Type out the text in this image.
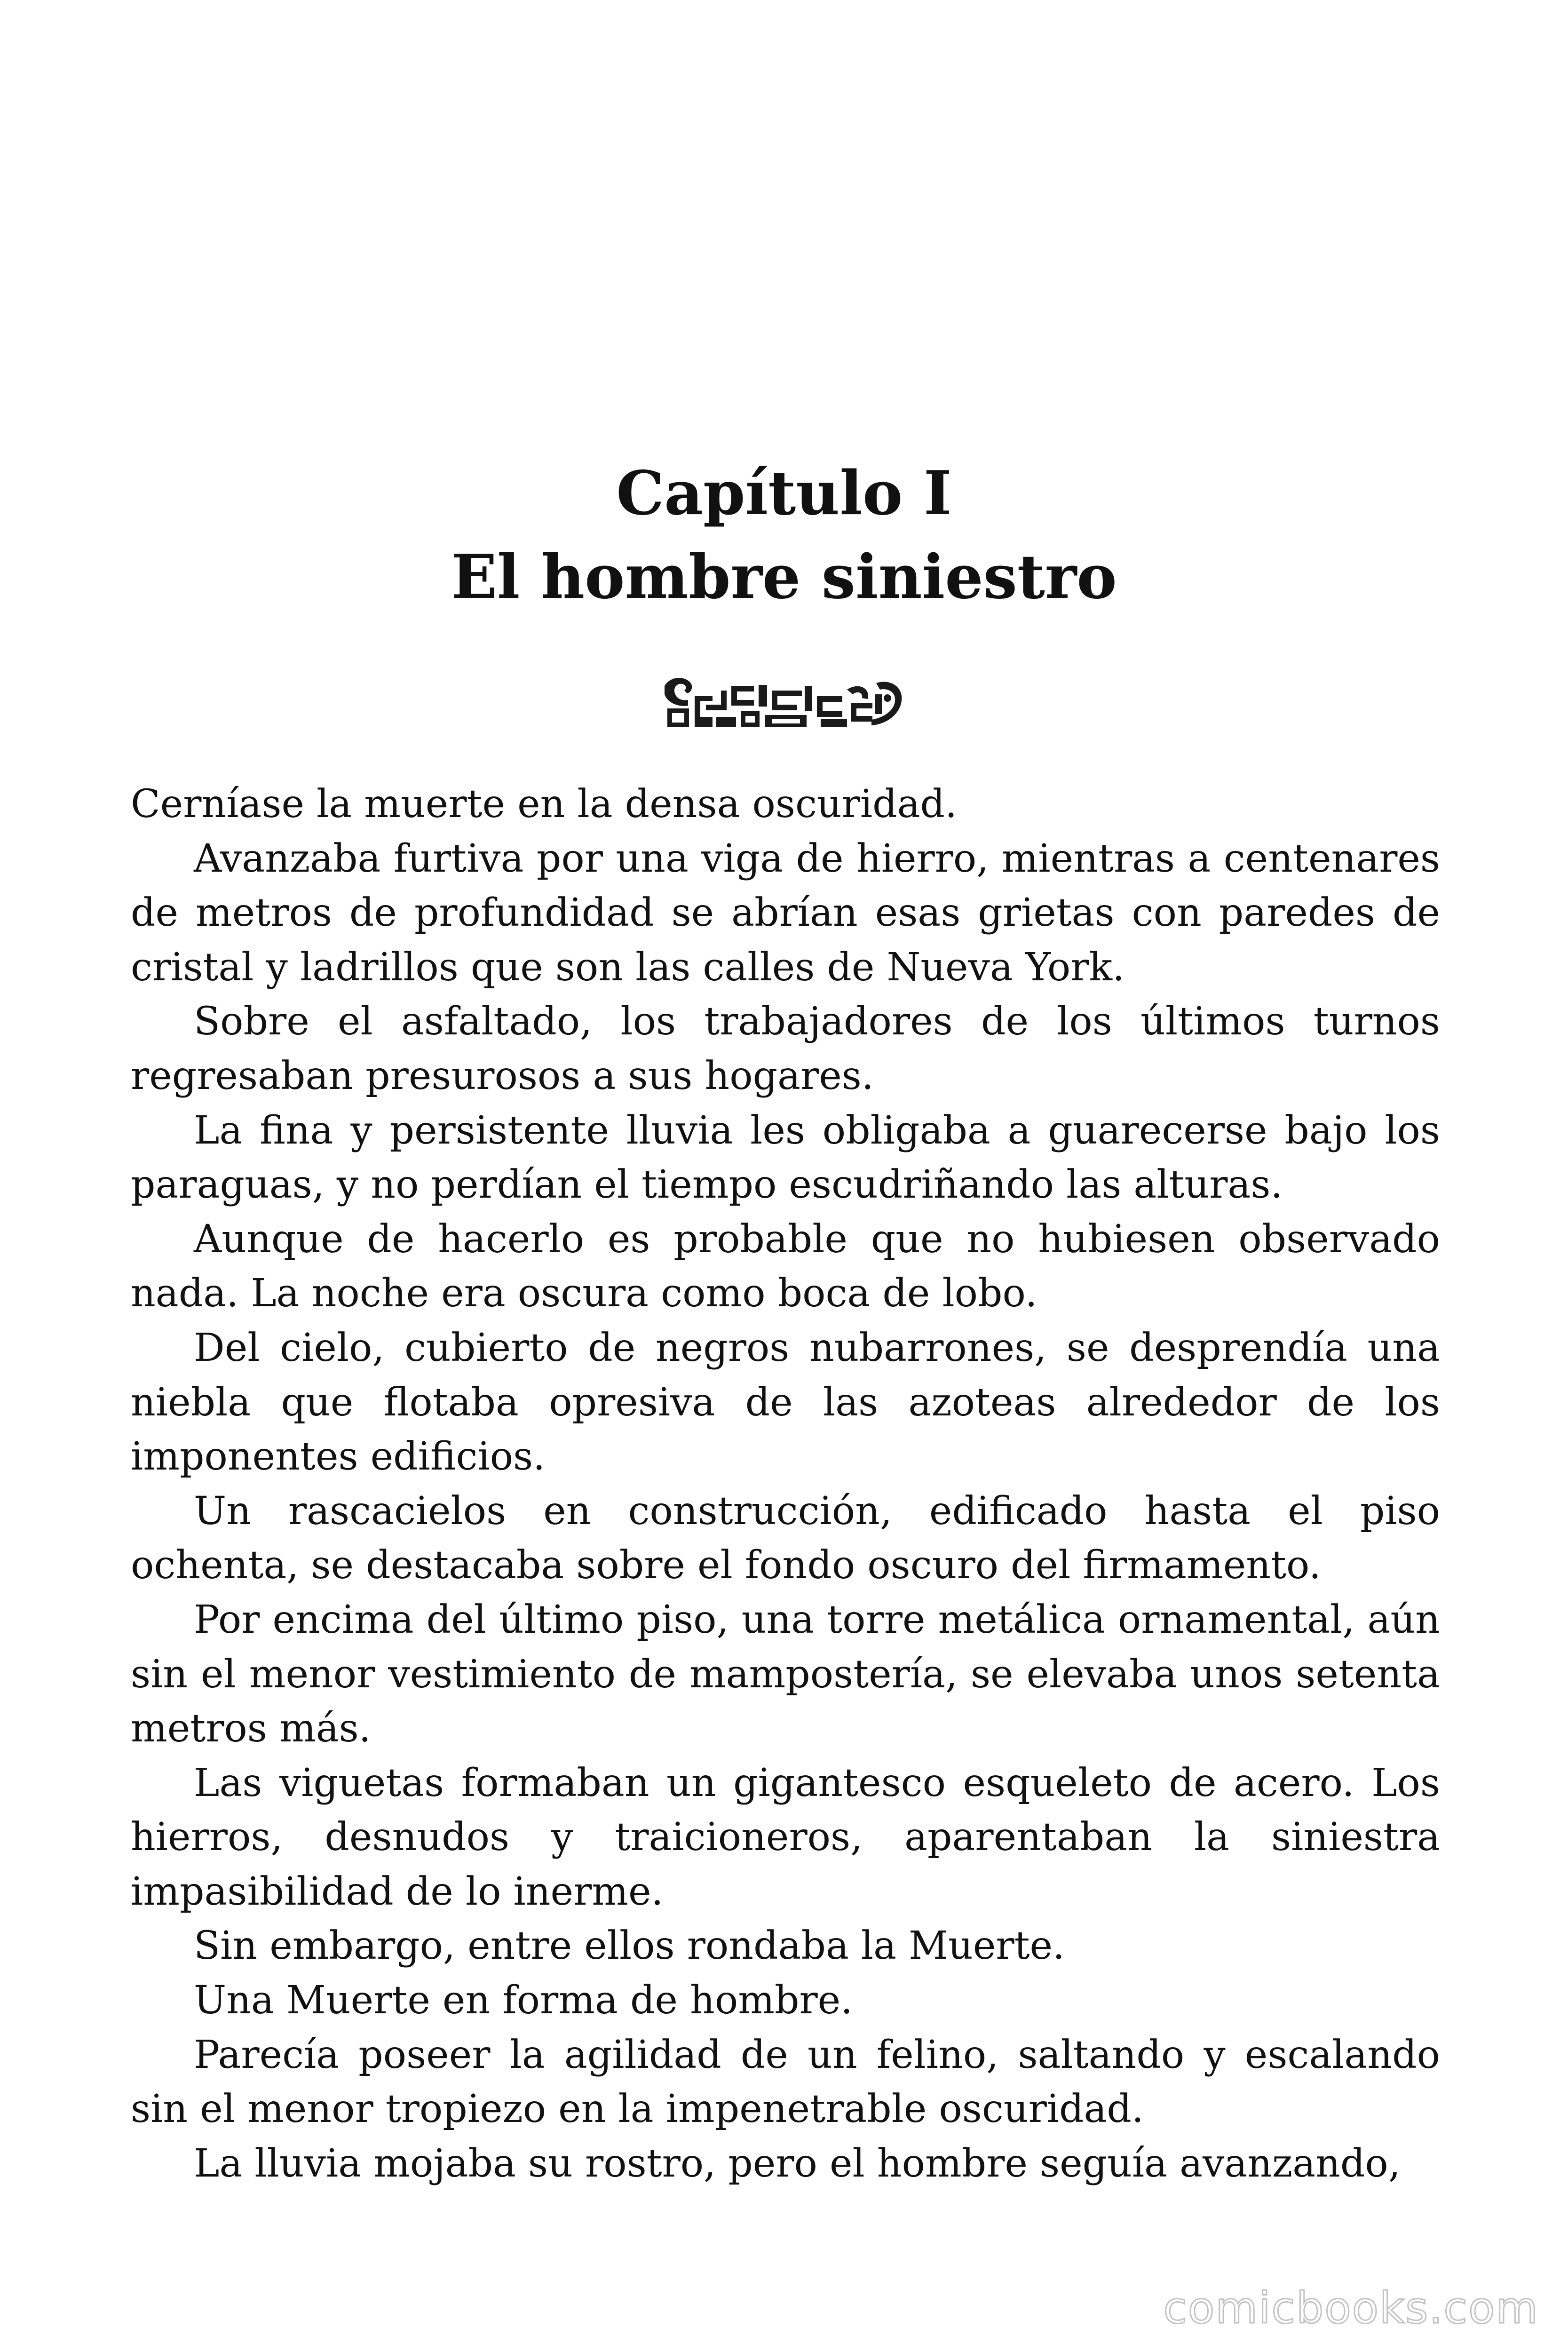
Capítulo I
El hombre siniestro

Cerníase la muerte en la densa oscuridad.

Avanzaba furtiva por una viga de hierro, mientras a centenares de metros de profundidad se abrían esas grietas con paredes de cristal y ladrillos que son las calles de Nueva York.

Sobre el asfaltado, los trabajadores de los últimos turnos regresaban presurosos a sus hogares.

La fina y persistente lluvia les obligaba a guarecerse bajo los paraguas, y no perdían el tiempo escudriñando las alturas.

Aunque de hacerlo es probable que no hubiesen observado nada. La noche era oscura como boca de lobo.

Del cielo, cubierto de negros nubarrones, se desprendía una niebla que flotaba opresiva de las azoteas alrededor de los imponentes edificios.

Un rascacielos en construcción, edificado hasta el piso ochenta, se destacaba sobre el fondo oscuro del firmamento.

Por encima del último piso, una torre metálica ornamental, aún sin el menor vestimiento de mampostería, se elevaba unos setenta metros más.

Las viguetas formaban un gigantesco esqueleto de acero. Los hierros, desnudos y traicioneros, aparentaban la siniestra impasibilidad de lo inerme.

Sin embargo, entre ellos rondaba la Muerte.

Una Muerte en forma de hombre.

Parecía poseer la agilidad de un felino, saltando y escalando sin el menor tropiezo en la impenetrable oscuridad.

La lluvia mojaba su rostro, pero el hombre seguía avanzando,

comicbooks.com
